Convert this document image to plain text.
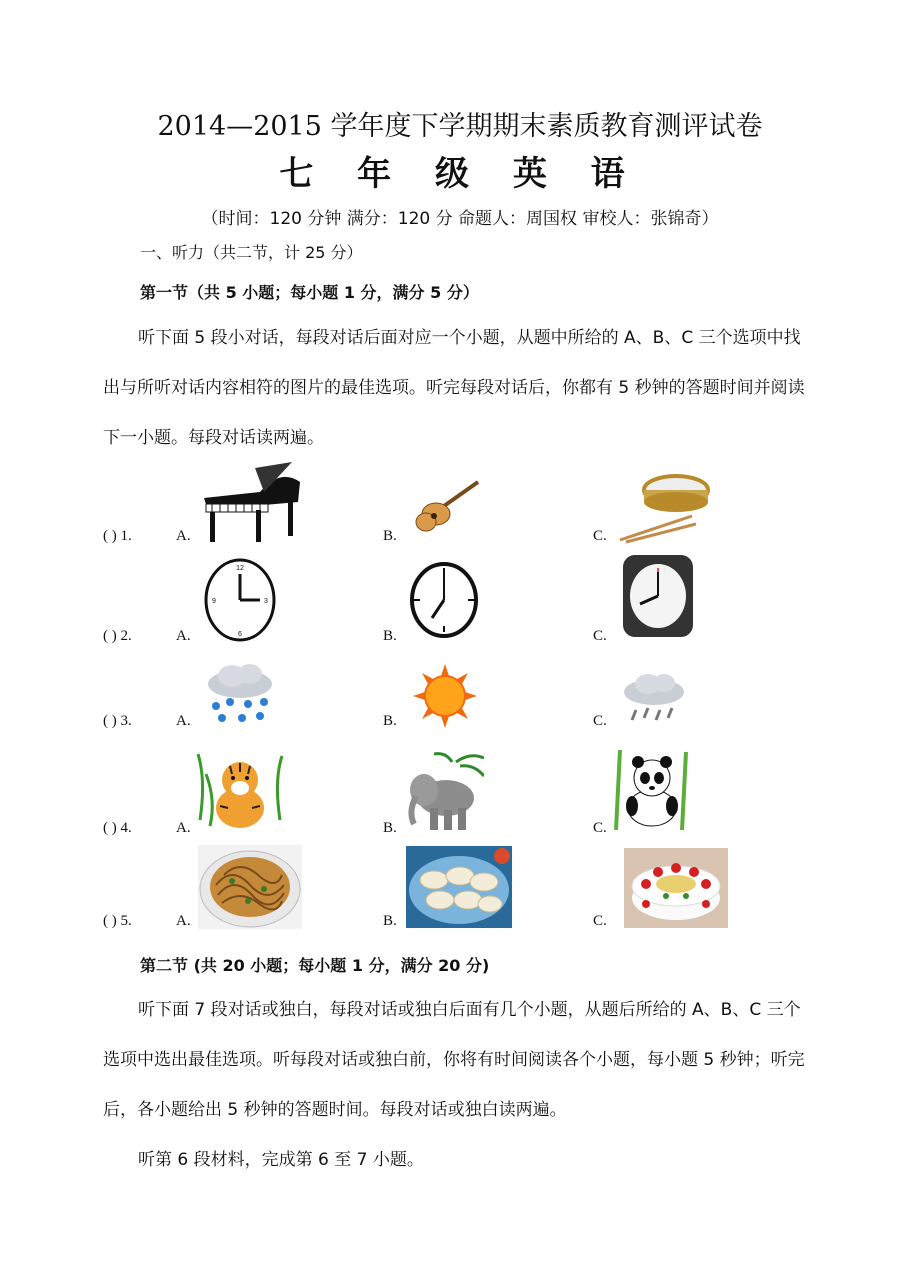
2014—2015 学年度下学期期末素质教育测评试卷
七 年 级 英 语
（时间：120 分钟 满分：120 分 命题人：周国权 审校人：张锦奇）
一、听力（共二节，计 25 分）
第一节（共 5 小题；每小题 1 分，满分 5 分）
听下面 5 段小对话，每段对话后面对应一个小题，从题中所给的 A、B、C 三个选项中找
出与所听对话内容相符的图片的最佳选项。听完每段对话后，你都有 5 秒钟的答题时间并阅读
下一小题。每段对话读两遍。
( ) 1.	A.	B.	C.
( ) 2.	A.	B.	C.
12
3
6
9
( ) 3.	A.	B.	C.
( ) 4.	A.	B.	C.
( ) 5.	A.	B.	C.
第二节 (共 20 小题；每小题 1 分，满分 20 分)
听下面 7 段对话或独白，每段对话或独白后面有几个小题，从题后所给的 A、B、C 三个
选项中选出最佳选项。听每段对话或独白前，你将有时间阅读各个小题，每小题 5 秒钟；听完
后，各小题给出 5 秒钟的答题时间。每段对话或独白读两遍。
听第 6 段材料，完成第 6 至 7 小题。
